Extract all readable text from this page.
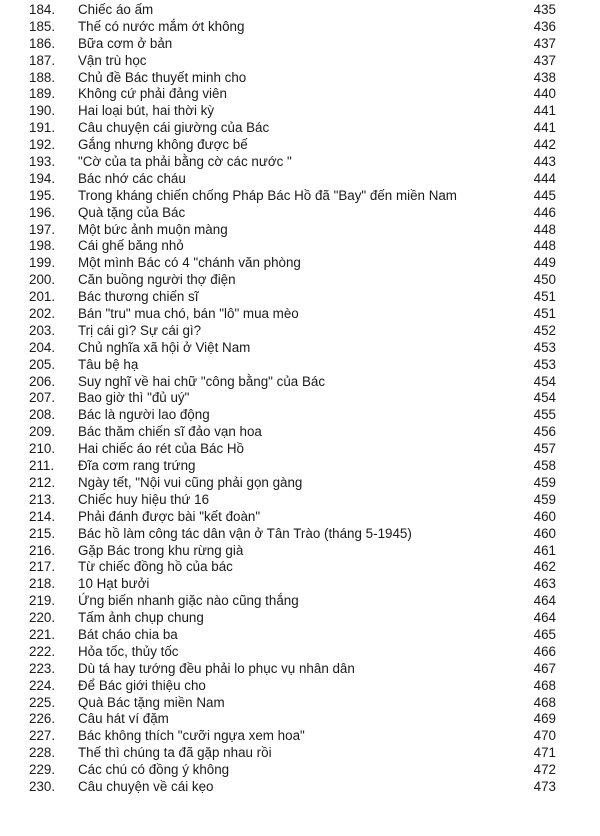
184.	Chiếc áo ấm	435
185.	Thế có nước mắm ớt không	436
186.	Bữa cơm ở bản	437
187.	Vận trù học	437
188.	Chủ đề Bác thuyết minh cho	438
189.	Không cứ phải đảng viên	440
190.	Hai loại bút, hai thời kỳ	441
191.	Câu chuyện cái giường của Bác	441
192.	Gắng nhưng không được bế	442
193.	"Cờ của ta phải bằng cờ các nước "	443
194.	Bác nhớ các cháu	444
195.	Trong kháng chiến chống Pháp Bác Hồ đã "Bay" đến miền Nam	445
196.	Quà tặng của Bác	446
197.	Một bức ảnh muộn màng	448
198.	Cái ghế băng nhỏ	448
199.	Một mình Bác có 4 "chánh văn phòng	449
200.	Căn buồng người thợ điện	450
201.	Bác thương chiến sĩ	451
202.	Bán "tru" mua chó, bán "lô" mua mèo	451
203.	Trị cái gì? Sự cái gì?	452
204.	Chủ nghĩa xã hội ở Việt Nam	453
205.	Tâu bệ hạ	453
206.	Suy nghĩ về hai chữ "công bằng" của Bác	454
207.	Bao giờ thì "đủ uý"	454
208.	Bác là người lao động	455
209.	Bác thăm chiến sĩ đảo vạn hoa	456
210.	Hai chiếc áo rét của Bác Hồ	457
211.	Đĩa cơm rang trứng	458
212.	Ngày tết, "Nội vui cũng phải gọn gàng	459
213.	Chiếc huy hiệu thứ 16	459
214.	Phải đánh được bài "kết đoàn"	460
215.	Bác hồ làm công tác dân vận ở Tân Trào (tháng 5-1945)	460
216.	Gặp Bác trong khu rừng già	461
217.	Từ chiếc đồng hồ của bác	462
218.	10 Hạt bưởi	463
219.	Ứng biến nhanh giặc nào cũng thắng	464
220.	Tấm ảnh chụp chung	464
221.	Bát cháo chia ba	465
222.	Hỏa tốc, thủy tốc	466
223.	Dù tá hay tướng đều phải lo phục vụ nhân dân	467
224.	Để Bác giới thiệu cho	468
225.	Quà Bác tặng miền Nam	468
226.	Câu hát ví đặm	469
227.	Bác không thích "cưỡi ngựa xem hoa"	470
228.	Thế thì chúng ta đã gặp nhau rồi	471
229.	Các chú có đồng ý không	472
230.	Câu chuyện về cái kẹo	473
